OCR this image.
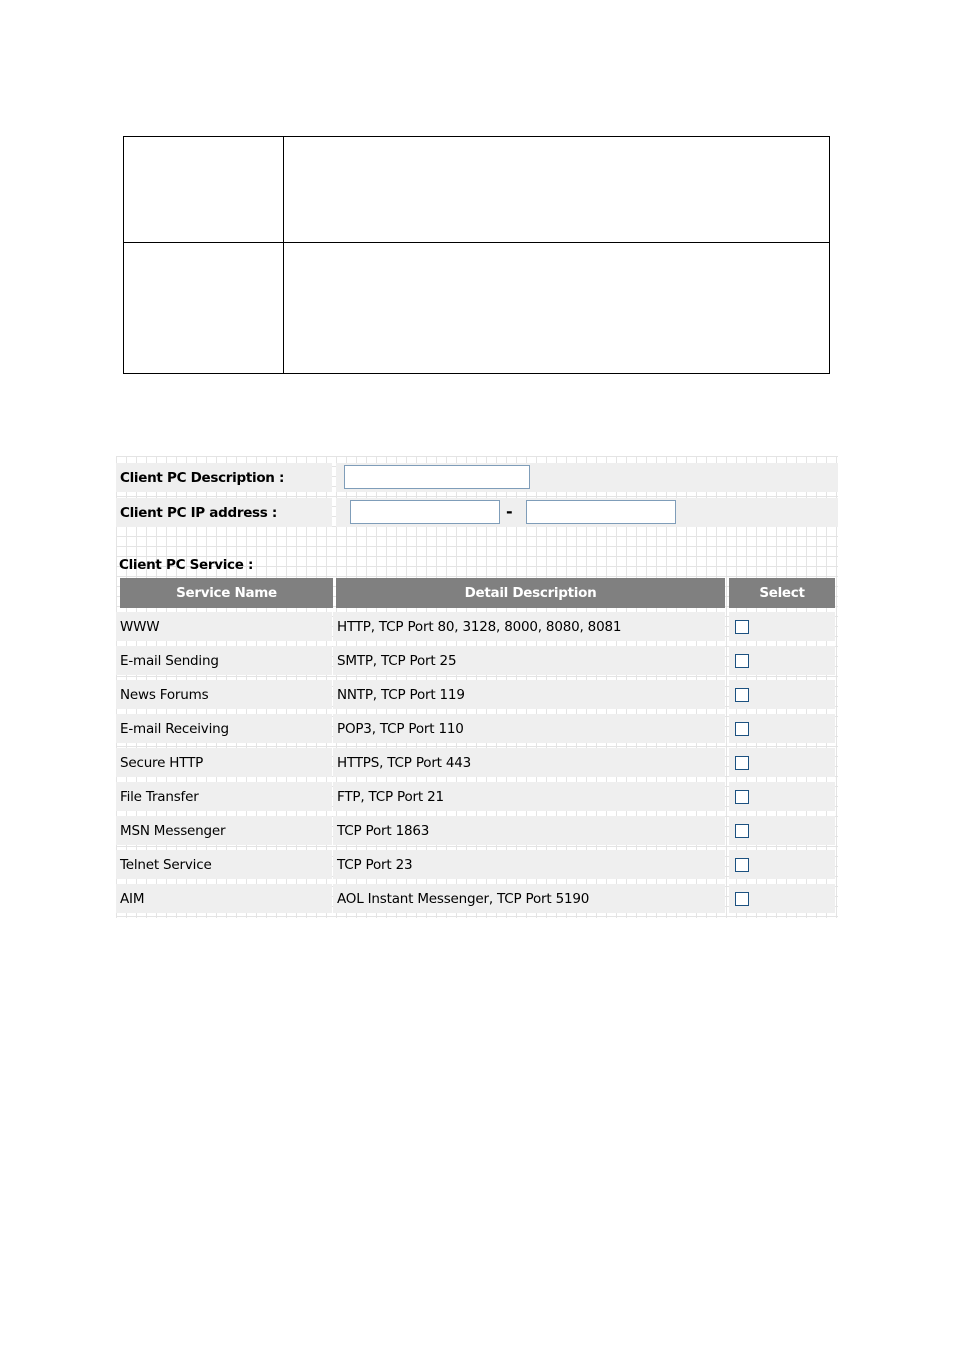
Client PC Description :
Client PC IP address :	-
Client PC Service :
Service Name	Detail Description	Select
WWW	HTTP, TCP Port 80, 3128, 8000, 8080, 8081
E-mail Sending	SMTP, TCP Port 25
News Forums	NNTP, TCP Port 119
E-mail Receiving	POP3, TCP Port 110
Secure HTTP	HTTPS, TCP Port 443
File Transfer	FTP, TCP Port 21
MSN Messenger	TCP Port 1863
Telnet Service	TCP Port 23
AIM	AOL Instant Messenger, TCP Port 5190
